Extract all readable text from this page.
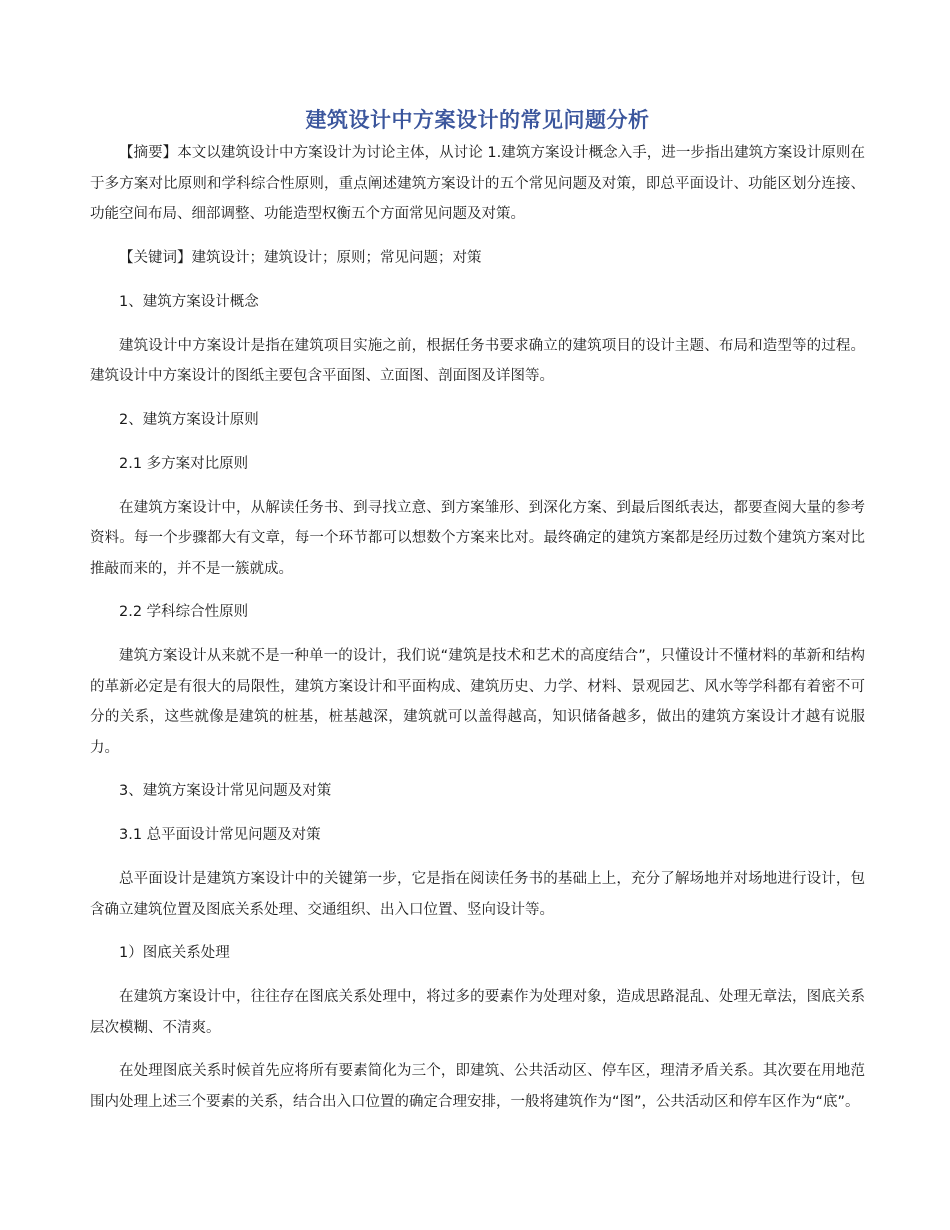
建筑设计中方案设计的常见问题分析

【摘要】本文以建筑设计中方案设计为讨论主体，从讨论 1.建筑方案设计概念入手，进一步指出建筑方案设计原则在于多方案对比原则和学科综合性原则，重点阐述建筑方案设计的五个常见问题及对策，即总平面设计、功能区划分连接、功能空间布局、细部调整、功能造型权衡五个方面常见问题及对策。

【关键词】建筑设计；建筑设计；原则；常见问题；对策

1、建筑方案设计概念

建筑设计中方案设计是指在建筑项目实施之前，根据任务书要求确立的建筑项目的设计主题、布局和造型等的过程。建筑设计中方案设计的图纸主要包含平面图、立面图、剖面图及详图等。

2、建筑方案设计原则

2.1 多方案对比原则

在建筑方案设计中，从解读任务书、到寻找立意、到方案雏形、到深化方案、到最后图纸表达，都要查阅大量的参考资料。每一个步骤都大有文章，每一个环节都可以想数个方案来比对。最终确定的建筑方案都是经历过数个建筑方案对比推敲而来的，并不是一簇就成。

2.2 学科综合性原则

建筑方案设计从来就不是一种单一的设计，我们说“建筑是技术和艺术的高度结合”，只懂设计不懂材料的革新和结构的革新必定是有很大的局限性，建筑方案设计和平面构成、建筑历史、力学、材料、景观园艺、风水等学科都有着密不可分的关系，这些就像是建筑的桩基，桩基越深，建筑就可以盖得越高，知识储备越多，做出的建筑方案设计才越有说服力。

3、建筑方案设计常见问题及对策

3.1 总平面设计常见问题及对策

总平面设计是建筑方案设计中的关键第一步，它是指在阅读任务书的基础上上，充分了解场地并对场地进行设计，包含确立建筑位置及图底关系处理、交通组织、出入口位置、竖向设计等。

1）图底关系处理

在建筑方案设计中，往往存在图底关系处理中，将过多的要素作为处理对象，造成思路混乱、处理无章法，图底关系层次模糊、不清爽。

在处理图底关系时候首先应将所有要素简化为三个，即建筑、公共活动区、停车区，理清矛盾关系。其次要在用地范围内处理上述三个要素的关系，结合出入口位置的确定合理安排，一般将建筑作为“图”，公共活动区和停车区作为“底”。
